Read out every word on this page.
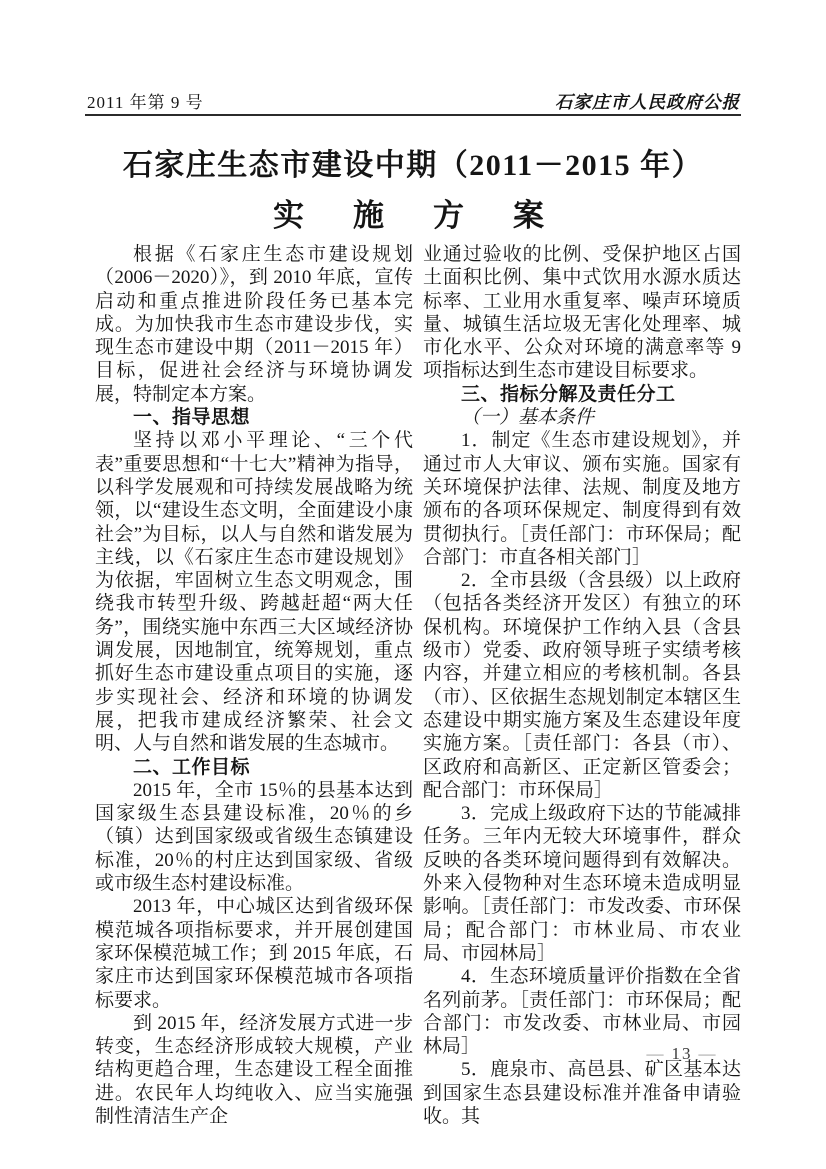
2011 年第 9 号	石家庄市人民政府公报
石家庄生态市建设中期（2011－2015 年）
实　施　方　案

根据《石家庄生态市建设规划（2006－2020）》，到 2010 年底，宣传启动和重点推进阶段任务已基本完成。为加快我市生态市建设步伐，实现生态市建设中期（2011－2015 年）目标，促进社会经济与环境协调发展，特制定本方案。

一、指导思想

坚持以邓小平理论、“三个代表”重要思想和“十七大”精神为指导，以科学发展观和可持续发展战略为统领，以“建设生态文明，全面建设小康社会”为目标，以人与自然和谐发展为主线，以《石家庄生态市建设规划》为依据，牢固树立生态文明观念，围绕我市转型升级、跨越赶超“两大任务”，围绕实施中东西三大区域经济协调发展，因地制宜，统筹规划，重点抓好生态市建设重点项目的实施，逐步实现社会、经济和环境的协调发展，把我市建成经济繁荣、社会文明、人与自然和谐发展的生态城市。

二、工作目标

2015 年，全市 15％的县基本达到国家级生态县建设标准，20％的乡（镇）达到国家级或省级生态镇建设标准，20％的村庄达到国家级、省级或市级生态村建设标准。

2013 年，中心城区达到省级环保模范城各项指标要求，并开展创建国家环保模范城工作；到 2015 年底，石家庄市达到国家环保模范城市各项指标要求。

到 2015 年，经济发展方式进一步转变，生态经济形成较大规模，产业结构更趋合理，生态建设工程全面推进。农民年人均纯收入、应当实施强制性清洁生产企

业通过验收的比例、受保护地区占国土面积比例、集中式饮用水源水质达标率、工业用水重复率、噪声环境质量、城镇生活垃圾无害化处理率、城市化水平、公众对环境的满意率等 9 项指标达到生态市建设目标要求。

三、指标分解及责任分工

（一）基本条件

1．制定《生态市建设规划》，并通过市人大审议、颁布实施。国家有关环境保护法律、法规、制度及地方颁布的各项环保规定、制度得到有效贯彻执行。［责任部门：市环保局；配合部门：市直各相关部门］

2．全市县级（含县级）以上政府（包括各类经济开发区）有独立的环保机构。环境保护工作纳入县（含县级市）党委、政府领导班子实绩考核内容，并建立相应的考核机制。各县（市）、区依据生态规划制定本辖区生态建设中期实施方案及生态建设年度实施方案。［责任部门：各县（市）、区政府和高新区、正定新区管委会；配合部门：市环保局］

3．完成上级政府下达的节能减排任务。三年内无较大环境事件，群众反映的各类环境问题得到有效解决。外来入侵物种对生态环境未造成明显影响。［责任部门：市发改委、市环保局；配合部门：市林业局、市农业局、市园林局］

4．生态环境质量评价指数在全省名列前茅。［责任部门：市环保局；配合部门：市发改委、市林业局、市园林局］

5．鹿泉市、高邑县、矿区基本达到国家生态县建设标准并准备申请验收。其

— 13 —
